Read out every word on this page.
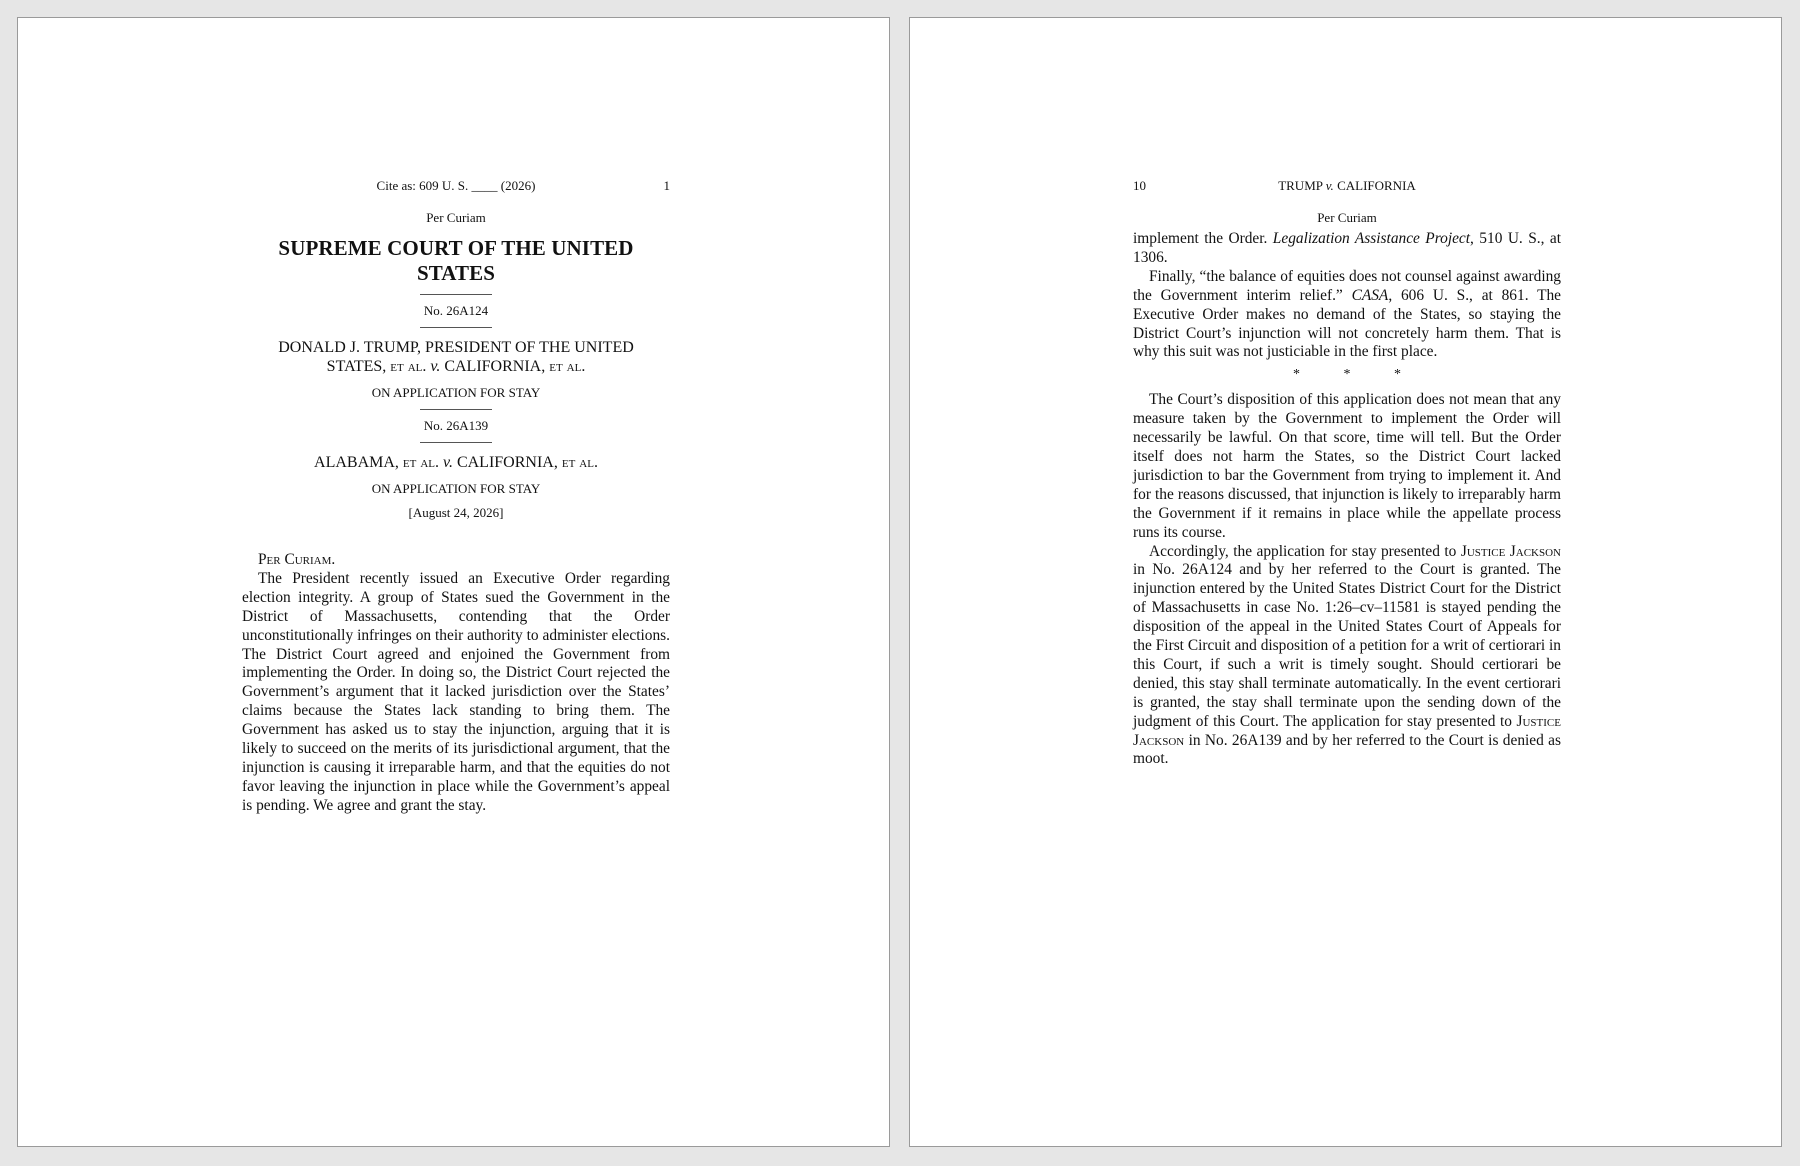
Cite as: 609 U. S. ____ (2026)	1
Per Curiam
SUPREME COURT OF THE UNITED STATES
No. 26A124
DONALD J. TRUMP, PRESIDENT OF THE UNITED
STATES, et al. v. CALIFORNIA, et al.
ON APPLICATION FOR STAY
No. 26A139
ALABAMA, et al. v. CALIFORNIA, et al.
ON APPLICATION FOR STAY
[August 24, 2026]

Per Curiam.

The President recently issued an Executive Order regarding election integrity. A group of States sued the Government in the District of Massachusetts, contending that the Order unconstitutionally infringes on their authority to administer elections. The District Court agreed and enjoined the Government from implementing the Order. In doing so, the District Court rejected the Government’s argument that it lacked jurisdiction over the States’ claims because the States lack standing to bring them. The Government has asked us to stay the injunction, arguing that it is likely to succeed on the merits of its jurisdictional argument, that the injunction is causing it irreparable harm, and that the equities do not favor leaving the injunction in place while the Government’s appeal is pending. We agree and grant the stay.

10	TRUMP v. CALIFORNIA
Per Curiam

implement the Order. Legalization Assistance Project, 510 U. S., at 1306.

Finally, “the balance of equities does not counsel against awarding the Government interim relief.” CASA, 606 U. S., at 861. The Executive Order makes no demand of the States, so staying the District Court’s injunction will not concretely harm them. That is why this suit was not justiciable in the first place.

* * *

The Court’s disposition of this application does not mean that any measure taken by the Government to implement the Order will necessarily be lawful. On that score, time will tell. But the Order itself does not harm the States, so the District Court lacked jurisdiction to bar the Government from trying to implement it. And for the reasons discussed, that injunction is likely to irreparably harm the Government if it remains in place while the appellate process runs its course.

Accordingly, the application for stay presented to Justice Jackson in No. 26A124 and by her referred to the Court is granted. The injunction entered by the United States District Court for the District of Massachusetts in case No. 1:26–cv–11581 is stayed pending the disposition of the appeal in the United States Court of Appeals for the First Circuit and disposition of a petition for a writ of certiorari in this Court, if such a writ is timely sought. Should certiorari be denied, this stay shall terminate automatically. In the event certiorari is granted, the stay shall terminate upon the sending down of the judgment of this Court. The application for stay presented to Justice Jackson in No. 26A139 and by her referred to the Court is denied as moot.
